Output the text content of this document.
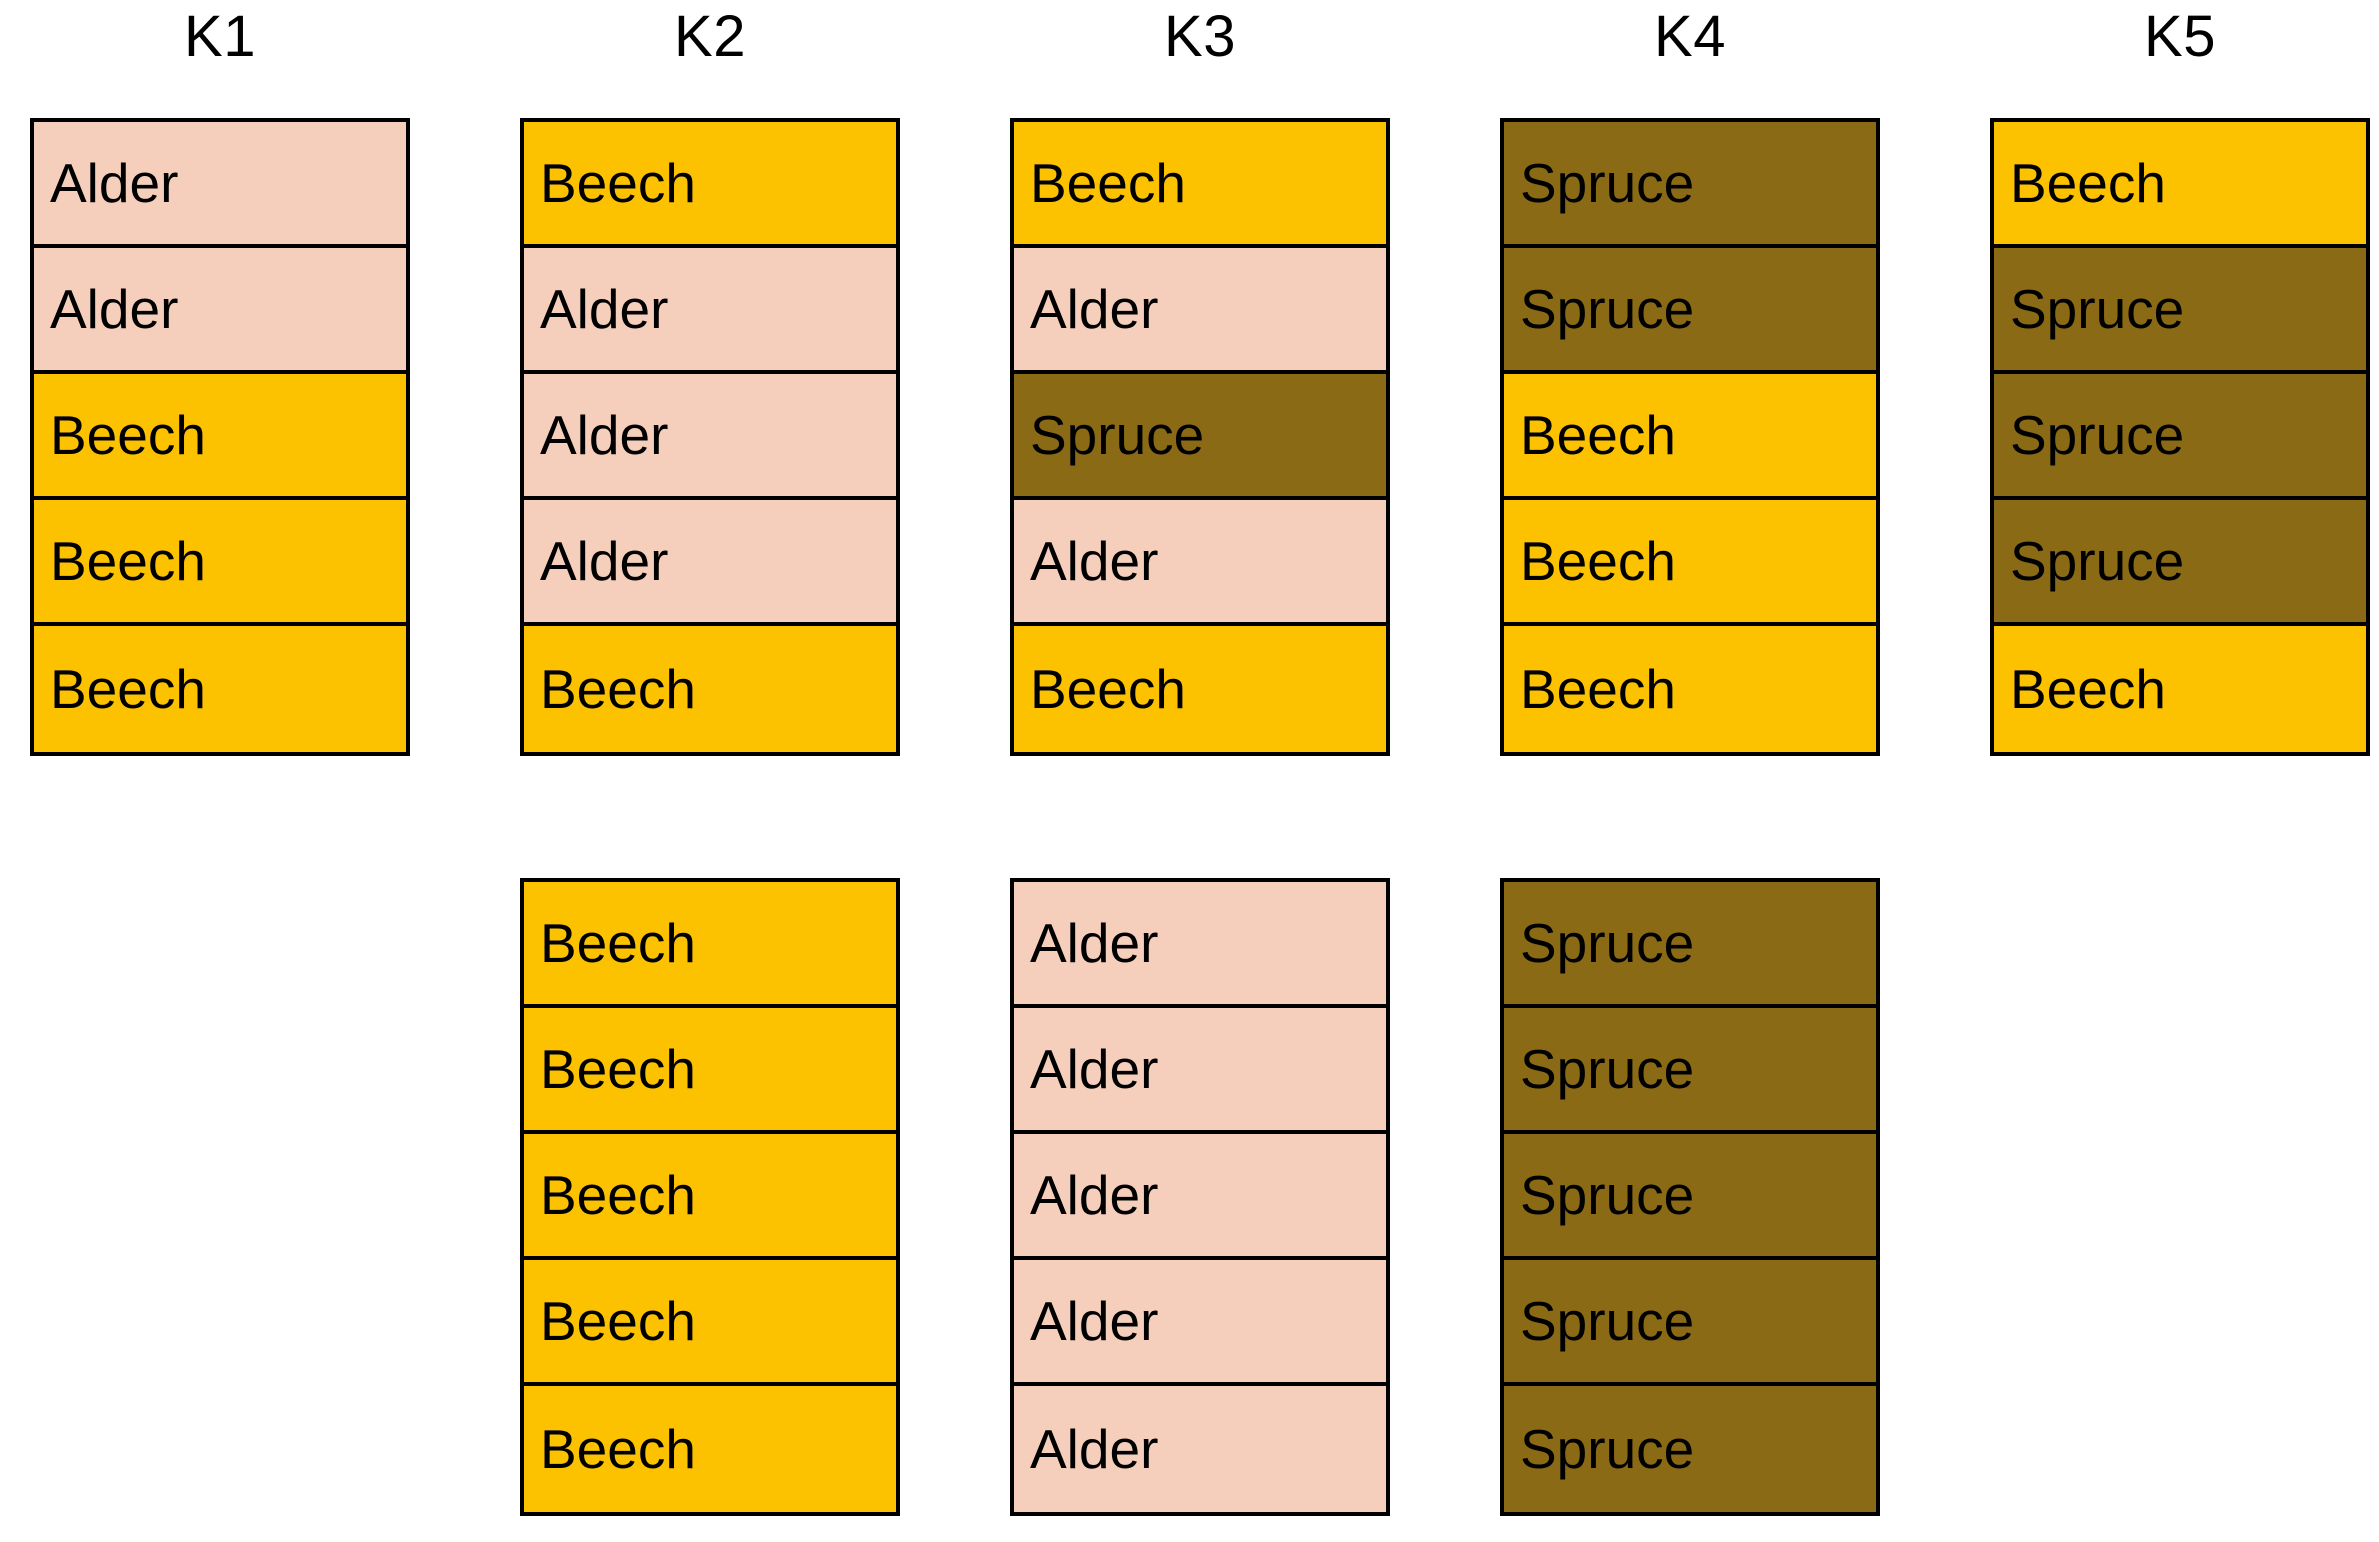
K1
Alder
Alder
Beech
Beech
Beech
K2
Beech
Alder
Alder
Alder
Beech
Beech
Beech
Beech
Beech
Beech
K3
Beech
Alder
Spruce
Alder
Beech
Alder
Alder
Alder
Alder
Alder
K4
Spruce
Spruce
Beech
Beech
Beech
Spruce
Spruce
Spruce
Spruce
Spruce
K5
Beech
Spruce
Spruce
Spruce
Beech
